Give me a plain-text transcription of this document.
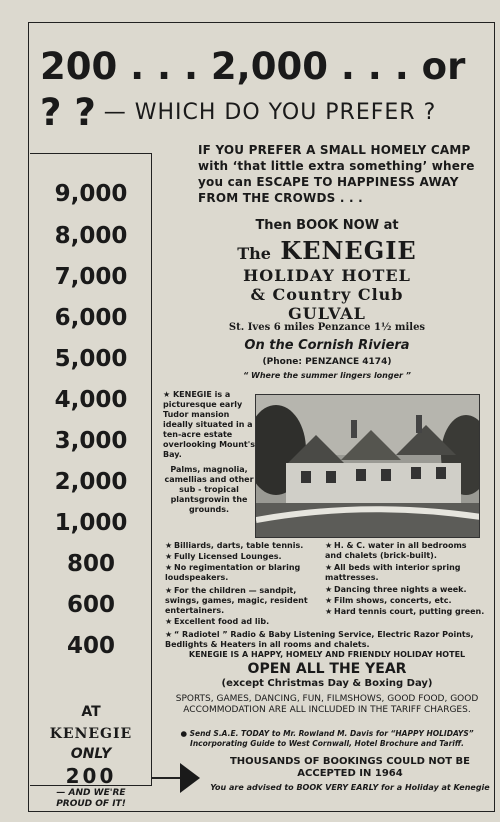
200 . . . 2,000 . . . or ? ? — WHICH DO YOU PREFER ?
9,000
8,000
7,000
6,000
5,000
4,000
3,000
2,000
1,000
800
600
400
AT
KENEGIE
ONLY
200
— AND WE'RE
PROUD OF IT!
IF YOU PREFER A SMALL HOMELY CAMP with ‘that little extra something’ where you can ESCAPE TO HAPPINESS AWAY FROM THE CROWDS . . .
Then BOOK NOW at
The KENEGIE
HOLIDAY HOTEL
& Country Club
GULVAL
St. Ives 6 miles Penzance 1½ miles
On the Cornish Riviera
(Phone: PENZANCE 4174)
“ Where the summer lingers longer ”
★ KENEGIE is a picturesque early Tudor mansion ideally situated in a ten-acre estate overlooking Mount's Bay.
Palms, magnolia, camellias and other sub - tropical plantsgrowin the grounds.
★ Billiards, darts, table tennis.
★ Fully Licensed Lounges.
★ No regimentation or blaring loudspeakers.
★ For the children — sandpit, swings, games, magic, resident entertainers.
★ Excellent food ad lib.
★ H. & C. water in all bedrooms and chalets (brick-built).
★ All beds with interior spring mattresses.
★ Dancing three nights a week.
★ Film shows, concerts, etc.
★ Hard tennis court, putting green.
★ “ Radiotel ” Radio & Baby Listening Service, Electric Razor Points, Bedlights & Heaters in all rooms and chalets.
KENEGIE IS A HAPPY, HOMELY AND FRIENDLY HOLIDAY HOTEL
OPEN ALL THE YEAR
(except Christmas Day & Boxing Day)
SPORTS, GAMES, DANCING, FUN, FILMSHOWS, GOOD FOOD, GOOD ACCOMMODATION ARE ALL INCLUDED IN THE TARIFF CHARGES.
● Send S.A.E. TODAY to Mr. Rowland M. Davis for “HAPPY HOLIDAYS” Incorporating Guide to West Cornwall, Hotel Brochure and Tariff.
THOUSANDS OF BOOKINGS COULD NOT BE ACCEPTED IN 1964
You are advised to BOOK VERY EARLY for a Holiday at Kenegie
